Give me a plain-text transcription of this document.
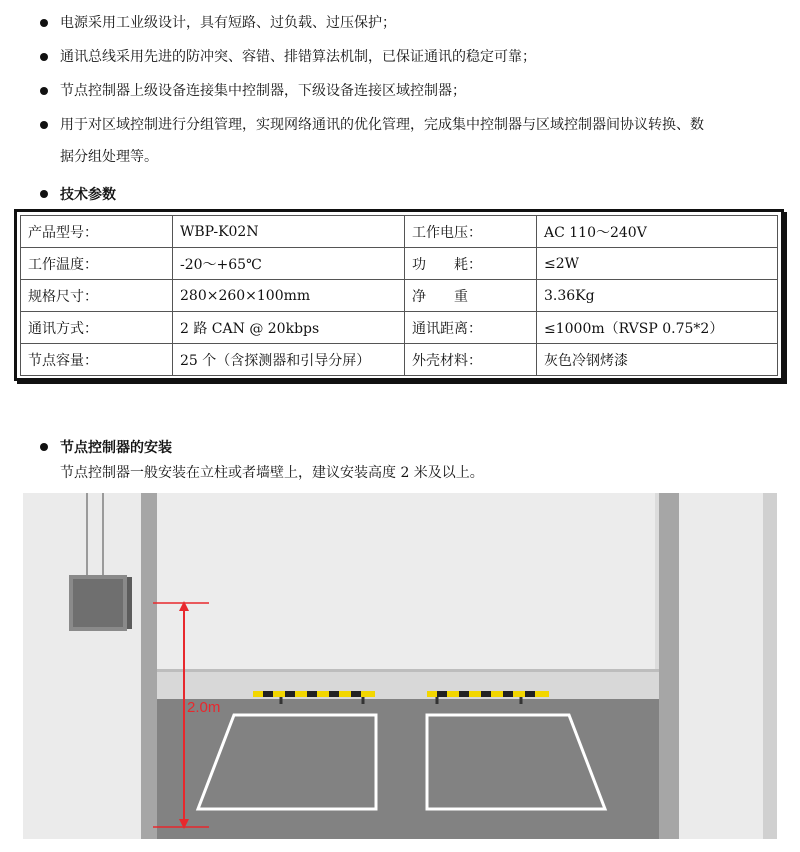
电源采用工业级设计，具有短路、过负载、过压保护；
通讯总线采用先进的防冲突、容错、排错算法机制，已保证通讯的稳定可靠；
节点控制器上级设备连接集中控制器，下级设备连接区域控制器；
用于对区域控制进行分组管理，实现网络通讯的优化管理，完成集中控制器与区域控制器间协议转换、数
据分组处理等。
技术参数
产品型号：	WBP-K02N	工作电压：	AC 110～240V
工作温度：	-20～+65℃	功　　耗：	≤2W
规格尺寸：	280×260×100mm	净　　重	3.36Kg
通讯方式：	2 路 CAN @ 20kbps	通讯距离：	≤1000m（RVSP 0.75*2）
节点容量：	25 个（含探测器和引导分屏）	外壳材料：	灰色冷钢烤漆
节点控制器的安装
节点控制器一般安装在立柱或者墙壁上，建议安装高度 2 米及以上。
2.0m
